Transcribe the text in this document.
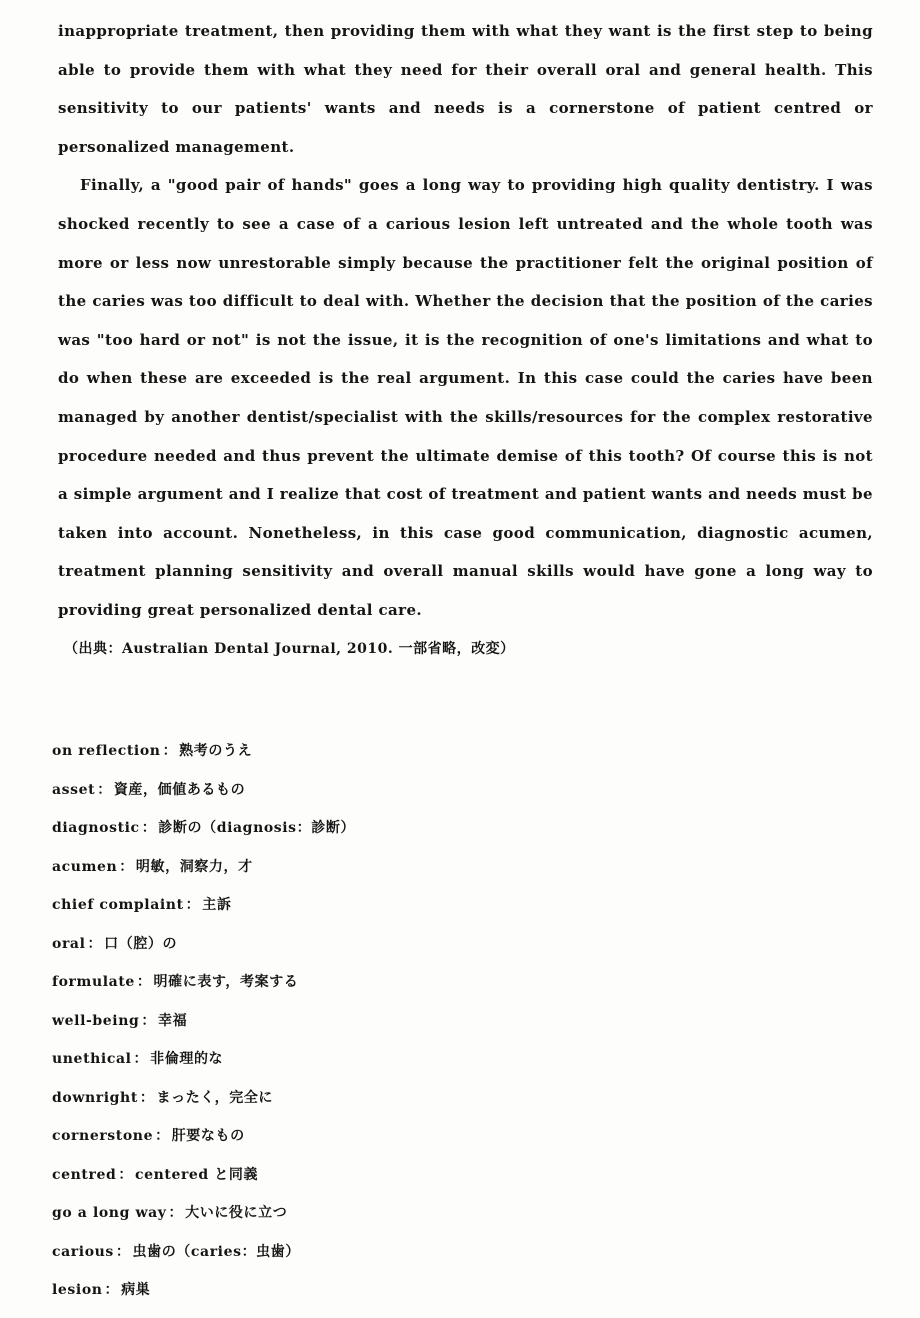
inappropriate treatment, then providing them with what they want is the first step to being able to provide them with what they need for their overall oral and general health. This sensitivity to our patients' wants and needs is a cornerstone of patient centred or personalized management.

Finally, a "good pair of hands" goes a long way to providing high quality dentistry. I was shocked recently to see a case of a carious lesion left untreated and the whole tooth was more or less now unrestorable simply because the practitioner felt the original position of the caries was too difficult to deal with. Whether the decision that the position of the caries was "too hard or not" is not the issue, it is the recognition of one's limitations and what to do when these are exceeded is the real argument. In this case could the caries have been managed by another dentist/specialist with the skills/resources for the complex restorative procedure needed and thus prevent the ultimate demise of this tooth? Of course this is not a simple argument and I realize that cost of treatment and patient wants and needs must be taken into account. Nonetheless, in this case good communication, diagnostic acumen, treatment planning sensitivity and overall manual skills would have gone a long way to providing great personalized dental care.

（出典：Australian Dental Journal, 2010. 一部省略，改変）

on reflection ： 熟考のうえ
asset ： 資産，価値あるもの
diagnostic ： 診断の（diagnosis：診断）
acumen ： 明敏，洞察力，才
chief complaint ： 主訴
oral ： 口（腔）の
formulate ： 明確に表す，考案する
well-being ： 幸福
unethical ： 非倫理的な
downright ： まったく，完全に
cornerstone ： 肝要なもの
centred ： centered と同義
go a long way ： 大いに役に立つ
carious ： 虫歯の（caries：虫歯）
lesion ： 病巣
